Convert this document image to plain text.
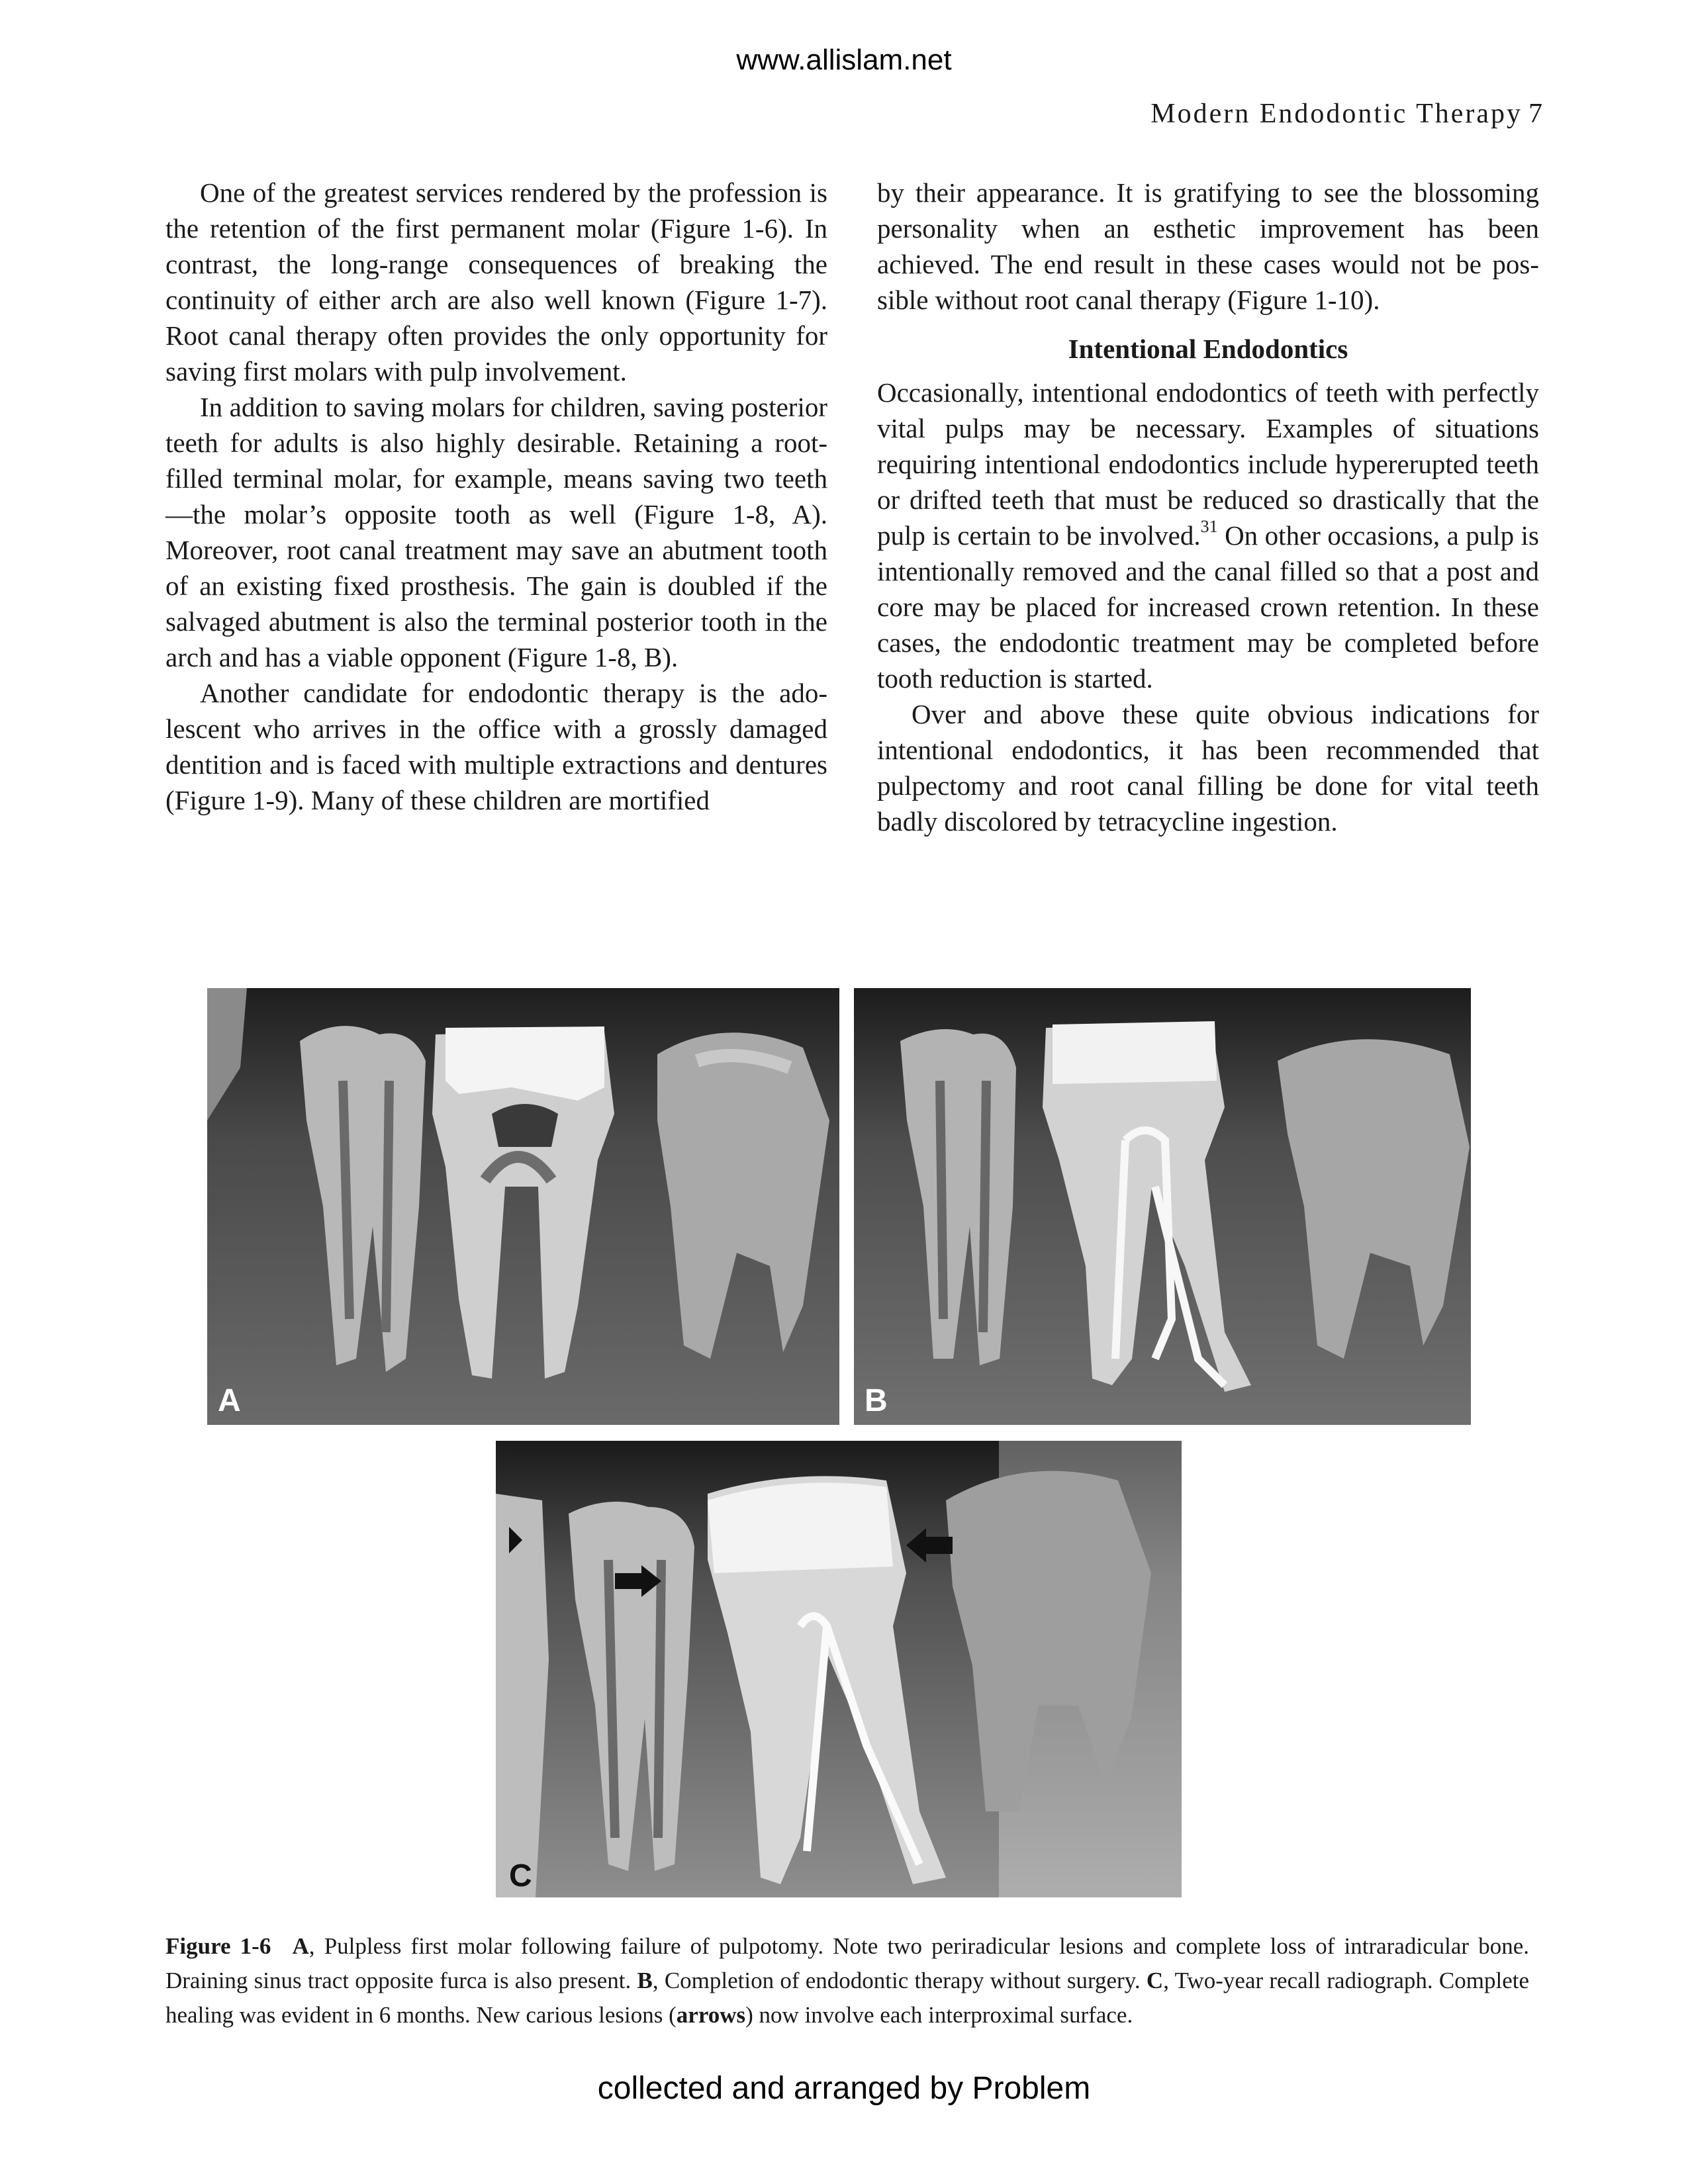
www.allislam.net
Modern Endodontic Therapy 7

One of the greatest services rendered by the profession is the retention of the first permanent molar (Figure 1-6). In contrast, the long-range consequences of breaking the continuity of either arch are also well known (Figure 1-7). Root canal therapy often provides the only opportunity for saving first molars with pulp involvement.

In addition to saving molars for children, saving posterior teeth for adults is also highly desirable. Retaining a root-filled terminal molar, for example, means saving two teeth—the molar’s opposite tooth as well (Figure 1-8, A). Moreover, root canal treatment may save an abutment tooth of an existing fixed prosthesis. The gain is doubled if the salvaged abutment is also the terminal posterior tooth in the arch and has a viable opponent (Figure 1-8, B).

Another candidate for endodontic therapy is the adolescent who arrives in the office with a grossly damaged dentition and is faced with multiple extractions and dentures (Figure 1-9). Many of these children are mortified

by their appearance. It is gratifying to see the blossoming personality when an esthetic improvement has been achieved. The end result in these cases would not be possible without root canal therapy (Figure 1-10).

Intentional Endodontics

Occasionally, intentional endodontics of teeth with perfectly vital pulps may be necessary. Examples of situations requiring intentional endodontics include hypererupted teeth or drifted teeth that must be reduced so drastically that the pulp is certain to be involved.$^{31}$ On other occasions, a pulp is intentionally removed and the canal filled so that a post and core may be placed for increased crown retention. In these cases, the endodontic treatment may be completed before tooth reduction is started.

Over and above these quite obvious indications for intentional endodontics, it has been recommended that pulpectomy and root canal filling be done for vital teeth badly discolored by tetracycline ingestion.

A	B
C
Figure 1-6 A, Pulpless first molar following failure of pulpotomy. Note two periradicular lesions and complete loss of intraradicular bone. Draining sinus tract opposite furca is also present. B, Completion of endodontic therapy without surgery. C, Two-year recall radiograph. Complete healing was evident in 6 months. New carious lesions (arrows) now involve each interproximal surface.
collected and arranged by Problem
